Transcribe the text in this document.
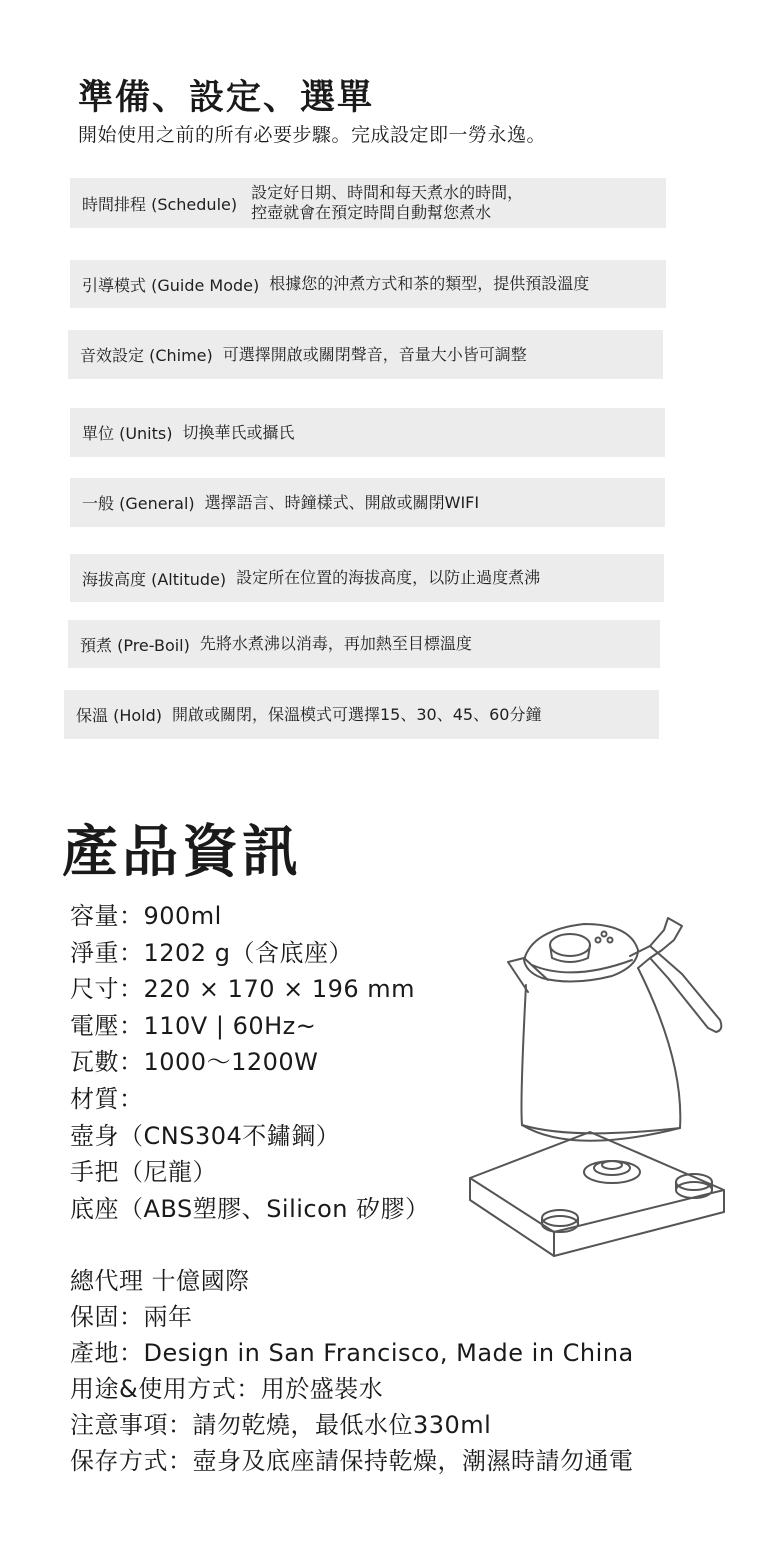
準備、設定、選單

開始使用之前的所有必要步驟。完成設定即一勞永逸。

時間排程 (Schedule)
設定好日期、時間和每天煮水的時間，
控壺就會在預定時間自動幫您煮水
引導模式 (Guide Mode) 根據您的沖煮方式和茶的類型，提供預設溫度
音效設定 (Chime) 可選擇開啟或關閉聲音，音量大小皆可調整
單位 (Units) 切換華氏或攝氏
一般 (General) 選擇語言、時鐘樣式、開啟或關閉WIFI
海拔高度 (Altitude) 設定所在位置的海拔高度，以防止過度煮沸
預煮 (Pre-Boil) 先將水煮沸以消毒，再加熱至目標溫度
保溫 (Hold) 開啟或關閉，保溫模式可選擇15、30、45、60分鐘
產品資訊
容量：900ml
淨重：1202 g（含底座）
尺寸：220 × 170 × 196 mm
電壓：110V | 60Hz~
瓦數：1000～1200W
材質：
壺身（CNS304不鏽鋼）
手把（尼龍）
底座（ABS塑膠、Silicon 矽膠）
總代理 十億國際
保固：兩年
產地：Design in San Francisco, Made in China
用途&使用方式：用於盛裝水
注意事項：請勿乾燒，最低水位330ml
保存方式：壺身及底座請保持乾燥，潮濕時請勿通電
